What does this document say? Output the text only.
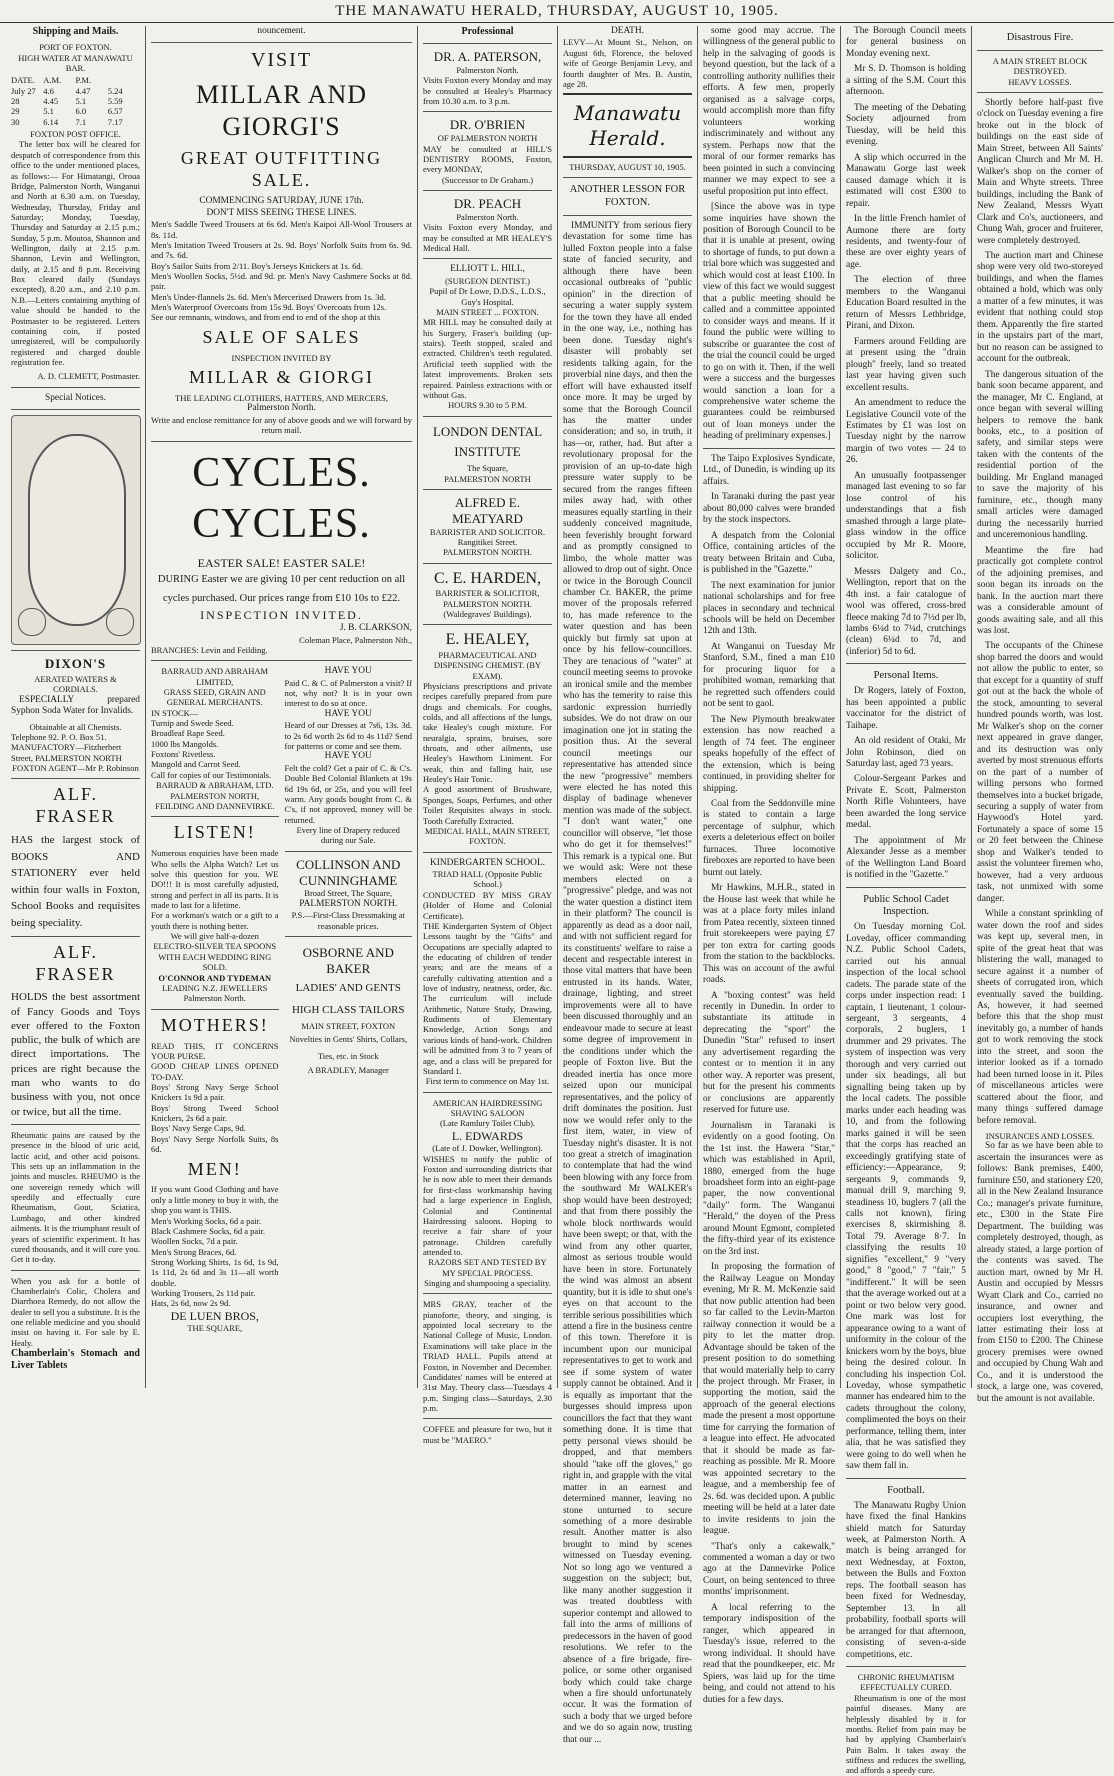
THE MANAWATU HERALD, THURSDAY, AUGUST 10, 1905.
Shipping and Mails.
PORT OF FOXTON.
HIGH WATER AT MANAWATU BAR.
DATE. A.M.	P.M.
July 27 4.6	4.47	5.24
28	4.45	5.1	5.59
29	5.1	6.0	6.57
30	6.14	7.1	7.17
FOXTON POST OFFICE.
The letter box will be cleared for despatch of correspondence from this office to the under mentioned places, as follows:— For Himatangi, Oroua Bridge, Palmerston North, Wanganui and North at 6.30 a.m. on Tuesday, Wednesday, Thursday, Friday and Saturday; Monday, Tuesday, Thursday and Saturday at 2.15 p.m.; Sunday, 5 p.m. Moutoa, Shannon and Wellington, daily at 2.15 p.m. Shannon, Levin and Wellington, daily, at 2.15 and 8 p.m. Receiving Box cleared daily (Sundays excepted), 8.20 a.m., and 2.10 p.m. N.B.—Letters containing anything of value should be handed to the Postmaster to be registered. Letters containing coin, if posted unregistered, will be compulsorily registered and charged double registration fee.
A. D. CLEMETT, Postmaster.
Special Notices.
DIXON'S
AERATED WATERS & CORDIALS.
ESPECIALLY prepared Syphon Soda Water for Invalids.
Obtainable at all Chemists.
Telephone 92. P. O. Box 51.
MANUFACTORY—Fitzherbert Street, PALMERSTON NORTH
FOXTON AGENT—Mr P. Robinson
ALF. FRASER
HAS the largest stock of BOOKS AND STATIONERY ever held within four walls in Foxton, School Books and requisites being speciality.
ALF. FRASER
HOLDS the best assortment of Fancy Goods and Toys ever offered to the Foxton public, the bulk of which are direct importations. The prices are right because the man who wants to do business with you, not once or twice, but all the time.
Rheumatic pains are caused by the presence in the blood of uric acid, lactic acid, and other acid poisons. This sets up an inflammation in the joints and muscles. RHEUMO is the one sovereign remedy which will speedily and effectually cure Rheumatism, Gout, Sciatica, Lumbago, and other kindred ailments. It is the triumphant result of years of scientific experiment. It has cured thousands, and it will cure you. Get it to-day.
When you ask for a bottle of Chamberlain's Colic, Cholera and Diarrhoea Remedy, do not allow the dealer to sell you a substitute. It is the one reliable medicine and you should insist on having it. For sale by E. Healy.
Chamberlain's Stomach and Liver Tablets
nouncement.
VISIT
MILLAR AND GIORGI'S
GREAT OUTFITTING SALE.
COMMENCING SATURDAY, JUNE 17th.
DON'T MISS SEEING THESE LINES.
Men's Saddle Tweed Trousers at 6s 6d. Men's Kaipoi All-Wool Trousers at 8s. 11d.
Men's Imitation Tweed Trousers at 2s. 9d. Boys' Norfolk Suits from 6s. 9d. and 7s. 6d.
Boy's Sailor Suits from 2/11. Boy's Jerseys Knickers at 1s. 6d.
Men's Woollen Socks, 5½d. and 9d. pr. Men's Navy Cashmere Socks at 8d. pair.
Men's Under-flannels 2s. 6d. Men's Mercerised Drawers from 1s. 3d.
Men's Waterproof Overcoats from 15s 9d. Boys' Overcoats from 12s.
See our remnants, windows, and from end to end of the shop at this
SALE OF SALES
INSPECTION INVITED BY
MILLAR & GIORGI
THE LEADING CLOTHIERS, HATTERS, AND MERCERS,
Palmerston North.
Write and enclose remittance for any of above goods and we will forward by return mail.
CYCLES. CYCLES.
EASTER SALE! EASTER SALE!
DURING Easter we are giving 10 per cent reduction on all cycles purchased. Our prices range from £10 10s to £22.
INSPECTION INVITED.
J. B. CLARKSON,
Coleman Place, Palmerston Nth.,
BRANCHES: Levin and Feilding.
BARRAUD AND ABRAHAM LIMITED,
GRASS SEED, GRAIN AND GENERAL MERCHANTS.
IN STOCK—
Turnip and Swede Seed.
Broadleaf Rape Seed.
1000 lbs Mangolds.
Foxtons' Rivetless.
Mangold and Carrot Seed.
Call for copies of our Testimonials.
BARRAUD & ABRAHAM, LTD.
PALMERSTON NORTH, FEILDING AND DANNEVIRKE.
LISTEN!
Numerous enquiries have been made Who sells the Alpha Watch? Let us solve this question for you. WE DO!!! It is most carefully adjusted, strong and perfect in all its parts. It is made to last for a lifetime.
For a workman's watch or a gift to a youth there is nothing better.
We will give half-a-dozen ELECTRO-SILVER TEA SPOONS WITH EACH WEDDING RING SOLD.
O'CONNOR AND TYDEMAN
LEADING N.Z. JEWELLERS
Palmerston North.
MOTHERS!
READ THIS, IT CONCERNS YOUR PURSE.
GOOD CHEAP LINES OPENED TO-DAY.
Boys' Strong Navy Serge School Knickers 1s 9d a pair.
Boys' Strong Tweed School Knickers, 2s 6d a pair.
Boys' Navy Serge Caps, 9d.
Boys' Navy Serge Norfolk Suits, 8s 6d.
MEN!
If you want Good Clothing and have only a little money to buy it with, the shop you want is THIS.
Men's Working Socks, 6d a pair.
Black Cashmere Socks, 6d a pair.
Woollen Socks, 7d a pair.
Men's Strong Braces, 6d.
Strong Working Shirts, 1s 6d, 1s 9d, 1s 11d, 2s 6d and 3s 11—all worth double.
Working Trousers, 2s 11d pair.
Hats, 2s 6d, now 2s 9d.
DE LUEN BROS,
THE SQUARE,
HAVE YOU
Paid C. & C. of Palmerston a visit? If not, why not? It is in your own interest to do so at once.
HAVE YOU
Heard of our Dresses at 7s6, 13s. 3d. to 2s 6d worth 2s 6d to 4s 11d? Send for patterns or come and see them.
HAVE YOU
Felt the cold? Get a pair of C. & C's. Double Bed Colonial Blankets at 19s 6d 19s 6d, or 25s, and you will feel warm. Any goods bought from C. & C's, if not approved, money will be returned.
Every line of Drapery reduced during our Sale.
COLLINSON AND CUNNINGHAME
Broad Street, The Square,
PALMERSTON NORTH.
P.S.—First-Class Dressmaking at reasonable prices.
OSBORNE AND BAKER
LADIES' AND GENTS HIGH CLASS TAILORS
MAIN STREET, FOXTON
Novelties in Gents' Shirts, Collars, Ties, etc. in Stock
A BRADLEY, Manager
Professional
DR. A. PATERSON,
Palmerston North.
Visits Foxton every Monday and may be consulted at Healey's Pharmacy from 10.30 a.m. to 3 p.m.
DR. O'BRIEN
OF PALMERSTON NORTH
MAY be consulted at HILL'S DENTISTRY ROOMS, Foxton, every MONDAY,
(Successor to Dr Graham.)
DR. PEACH
Palmerston North.
Visits Foxton every Monday, and may be consulted at MR HEALEY'S Medical Hall.
ELLIOTT L. HILL,
(SURGEON DENTIST.)
Pupil of Dr Lowe, D.D.S., L.D.S., Guy's Hospital.
MAIN STREET ... FOXTON.
MR HILL may be consulted daily at his Surgery, Fraser's building (up-stairs). Teeth stopped, scaled and extracted. Children's teeth regulated. Artificial teeth supplied with the latest improvements. Broken sets repaired. Painless extractions with or without Gas.
HOURS 9.30 to 5 P.M.
LONDON DENTAL INSTITUTE
The Square,
PALMERSTON NORTH
ALFRED E. MEATYARD
BARRISTER AND SOLICITOR.
Rangitikei Street.
PALMERSTON NORTH.
C. E. HARDEN,
BARRISTER & SOLICITOR,
PALMERSTON NORTH.
(Waldegraves' Buildings).
E. HEALEY,
PHARMACEUTICAL AND DISPENSING CHEMIST. (BY EXAM).
Physicians prescriptions and private recipes carefully prepared from pure drugs and chemicals. For coughs, colds, and all affections of the lungs, take Healey's cough mixture. For neuralgia, sprains, bruises, sore throats, and other ailments, use Healey's Hawthorn Liniment. For weak, thin and falling hair, use Healey's Hair Tonic.
A good assortment of Brushware, Sponges, Soaps, Perfumes, and other Toilet Requisites always in stock. Tooth Carefully Extracted.
MEDICAL HALL, MAIN STREET, FOXTON.
KINDERGARTEN SCHOOL.
TRIAD HALL (Opposite Public School.)
CONDUCTED BY MISS GRAY (Holder of Home and Colonial Certificate).
THE Kindergarten System of Object Lessons taught by the "Gifts" and Occupations are specially adapted to the educating of children of tender years; and are the means of a carefully cultivating attention and a love of industry, neatness, order, &c. The curriculum will include Arithmetic, Nature Study, Drawing, Rudiments of Elementary Knowledge, Action Songs and various kinds of hand-work. Children will be admitted from 3 to 7 years of age, and a class will be prepared for Standard 1.
First term to commence on May 1st.
AMERICAN HAIRDRESSING
SHAVING SALOON
(Late Ramlury Toilet Club).
L. EDWARDS
(Late of J. Dowker, Wellington).
WISHES to notify the public of Foxton and surrounding districts that he is now able to meet their demands for first-class workmanship having had a large experience in English, Colonial and Continental Hairdressing saloons. Hoping to receive a fair share of your patronage. Children carefully attended to.
RAZORS SET AND TESTED BY MY SPECIAL PROCESS.
Singing and shampooing a speciality.
MRS GRAY, teacher of the pianoforte, theory, and singing, is appointed local secretary to the National College of Music, London. Examinations will take place in the TRIAD HALL. Pupils attend at Foxton, in November and December. Candidates' names will be entered at 31st May. Theory class—Tuesdays 4 p.m. Singing class—Saturdays, 2.30 p.m.
COFFEE and pleasure for two, but it must be "MAERO."
DEATH.
LEVY—At Mount St., Nelson, on August 6th, Florence, the beloved wife of George Benjamin Levy, and fourth daughter of Mrs. B. Austin, age 28.
Manawatu Herald.
THURSDAY, AUGUST 10, 1905.
ANOTHER LESSON FOR FOXTON.
IMMUNITY from serious fiery devastation for some time has lulled Foxton people into a false state of fancied security, and although there have been occasional outbreaks of "public opinion" in the direction of securing a water supply system for the town they have all ended in the one way, i.e., nothing has been done. Tuesday night's disaster will probably set residents talking again, for the proverbial nine days, and then the effort will have exhausted itself once more. It may be urged by some that the Borough Council has the matter under consideration; and so, in truth, it has—or, rather, had. But after a revolutionary proposal for the provision of an up-to-date high pressure water supply to be secured from the ranges fifteen miles away had, with other measures equally startling in their suddenly conceived magnitude, been feverishly brought forward and as promptly consigned to limbo, the whole matter was allowed to drop out of sight. Once or twice in the Borough Council chamber Cr. BAKER, the prime mover of the proposals referred to, has made reference to the water question and has been quickly but firmly sat upon at once by his fellow-councillors. They are tenacious of "water" at council meeting seems to provoke an ironical smile and the member who has the temerity to raise this sardonic expression hurriedly subsides. We do not draw on our imagination one jot in stating the position thus. At the several council meetings our representative has attended since the new "progressive" members were elected he has noted this display of badinage whenever mention was made of the subject. "I don't want water," one councillor will observe, "let those who do get it for themselves!" This remark is a typical one. But we would ask: Were not these members elected on a "progressive" pledge, and was not the water question a distinct item in their platform? The council is apparently as dead as a door nail, and with not sufficient regard for its constituents' welfare to raise a decent and respectable interest in those vital matters that have been entrusted in its hands. Water, drainage, lighting, and street improvements were all to have been discussed thoroughly and an endeavour made to secure at least some degree of improvement in the conditions under which the people of Foxton live. But the dreaded inertia has once more seized upon our municipal representatives, and the policy of drift dominates the position. Just now we would refer only to the first item, water, in view of Tuesday night's disaster. It is not too great a stretch of imagination to contemplate that had the wind been blowing with any force from the southward Mr WALKER's shop would have been destroyed; and that from there possibly the whole block northwards would have been swept; or that, with the wind from any other quarter, almost as serious trouble would have been in store. Fortunately the wind was almost an absent quantity, but it is idle to shut one's eyes on that account to the terrible serious possibilities which attend a fire in the business centre of this town. Therefore it is incumbent upon our municipal representatives to get to work and see if some system of water supply cannot be obtained. And it is equally as important that the burgesses should impress upon councillors the fact that they want something done. It is time that petty personal views should be dropped, and that members should "take off the gloves," go right in, and grapple with the vital matter in an earnest and determined manner, leaving no stone unturned to secure something of a more desirable result. Another matter is also brought to mind by scenes witnessed on Tuesday evening. Not so long ago we ventured a suggestion on the subject; but, like many another suggestion it was treated doubtless with superior contempt and allowed to fall into the arms of millions of predecessors in the haven of good resolutions. We refer to the absence of a fire brigade, fire-police, or some other organised body which could take charge when a fire should unfortunately occur. It was the formation of such a body that we urged before and we do so again now, trusting that our ...
some good may accrue. The willingness of the general public to help in the salvaging of goods is beyond question, but the lack of a controlling authority nullifies their efforts. A few men, properly organised as a salvage corps, would accomplish more than fifty volunteers working indiscriminately and without any system. Perhaps now that the moral of our former remarks has been pointed in such a convincing manner we may expect to see a useful proposition put into effect.
[Since the above was in type some inquiries have shown the position of Borough Council to be that it is unable at present, owing to shortage of funds, to put down a trial bore which was suggested and which would cost at least £100. In view of this fact we would suggest that a public meeting should be called and a committee appointed to consider ways and means. If it found the public were willing to subscribe or guarantee the cost of the trial the council could be urged to go on with it. Then, if the well were a success and the burgesses would sanction a loan for a comprehensive water scheme the guarantees could be reimbursed out of loan moneys under the heading of preliminary expenses.]
The Taipo Explosives Syndicate, Ltd., of Dunedin, is winding up its affairs.
In Taranaki during the past year about 80,000 calves were branded by the stock inspectors.
A despatch from the Colonial Office, containing articles of the treaty between Britain and Cuba, is published in the "Gazette."
The next examination for junior national scholarships and for free places in secondary and technical schools will be held on December 12th and 13th.
At Wanganui on Tuesday Mr Stanford, S.M., fined a man £10 for procuring liquor for a prohibited woman, remarking that he regretted such offenders could not be sent to gaol.
The New Plymouth breakwater extension has now reached a length of 74 feet. The engineer speaks hopefully of the effect of the extension, which is being continued, in providing shelter for shipping.
Coal from the Seddonville mine is stated to contain a large percentage of sulphur, which exerts a deleterious effect on boiler furnaces. Three locomotive fireboxes are reported to have been burnt out lately.
Mr Hawkins, M.H.R., stated in the House last week that while he was at a place forty miles inland from Patea recently, sixteen tinned fruit storekeepers were paying £7 per ton extra for carting goods from the station to the backblocks. This was on account of the awful roads.
A "boxing contest" was held recently in Dunedin. In order to substantiate its attitude in deprecating the "sport" the Dunedin "Star" refused to insert any advertisement regarding the contest or to mention it in any other way. A reporter was present, but for the present his comments or conclusions are apparently reserved for future use.
Journalism in Taranaki is evidently on a good footing. On the 1st inst. the Hawera "Star," which was established in April, 1880, emerged from the huge broadsheet form into an eight-page paper, the now conventional "daily" form. The Wanganui "Herald," the doyen of the Press around Mount Egmont, completed the fifty-third year of its existence on the 3rd inst.
In proposing the formation of the Railway League on Monday evening, Mr R. M. McKenzie said that now public attention had been so far called to the Levin-Marton railway connection it would be a pity to let the matter drop. Advantage should be taken of the present position to do something that would materially help to carry the project through. Mr Fraser, in supporting the motion, said the approach of the general elections made the present a most opportune time for carrying the formation of a league into effect. He advocated that it should be made as far-reaching as possible. Mr R. Moore was appointed secretary to the league, and a membership fee of 2s. 6d. was decided upon. A public meeting will be held at a later date to invite residents to join the league.
"That's only a cakewalk," commented a woman a day or two ago at the Dannevirke Police Court, on being sentenced to three months' imprisonment.
A local referring to the temporary indisposition of the ranger, which appeared in Tuesday's issue, referred to the wrong individual. It should have read that the poundkeeper, etc. Mr Spiers, was laid up for the time being, and could not attend to his duties for a few days.
The Borough Council meets for general business on Monday evening next.
Mr S. D. Thomson is holding a sitting of the S.M. Court this afternoon.
The meeting of the Debating Society adjourned from Tuesday, will be held this evening.
A slip which occurred in the Manawatu Gorge last week caused damage which it is estimated will cost £300 to repair.
In the little French hamlet of Aumone there are forty residents, and twenty-four of these are over eighty years of age.
The election of three members to the Wanganui Education Board resulted in the return of Messrs Lethbridge, Pirani, and Dixon.
Farmers around Feilding are at present using the "drain plough" freely, land so treated last year having given such excellent results.
An amendment to reduce the Legislative Council vote of the Estimates by £1 was lost on Tuesday night by the narrow margin of two votes — 24 to 26.
An unusually footpassenger managed last evening to so far lose control of his understandings that a fish smashed through a large plate-glass window in the office occupied by Mr R. Moore, solicitor.
Messrs Dalgety and Co., Wellington, report that on the 4th inst. a fair catalogue of wool was offered, cross-bred fleece making 7d to 7½d per lb, lambs 6¼d to 7¼d, crutchings (clean) 6¼d to 7d, and (inferior) 5d to 6d.
Personal Items.
Dr Rogers, lately of Foxton, has been appointed a public vaccinator for the district of Taihape.
An old resident of Otaki, Mr John Robinson, died on Saturday last, aged 73 years.
Colour-Sergeant Parkes and Private E. Scott, Palmerston North Rifle Volunteers, have been awarded the long service medal.
The appointment of Mr Alexander Jesse as a member of the Wellington Land Board is notified in the "Gazette."
Public School Cadet Inspection.
On Tuesday morning Col. Loveday, officer commanding N.Z. Public School Cadets, carried out his annual inspection of the local school cadets. The parade state of the corps under inspection read: 1 captain, 1 lieutenant, 1 colour-sergeant, 3 sergeants, 4 corporals, 2 buglers, 1 drummer and 29 privates. The system of inspection was very thorough and very carried out under six headings, all but signalling being taken up by the local cadets. The possible marks under each heading was 10, and from the following marks gained it will be seen that the corps has reached an exceedingly gratifying state of efficiency:—Appearance, 9; sergeants 9, commands 9, manual drill 9, marching 9, steadiness 10, buglers 7 (all the calls not known), firing exercises 8, skirmishing 8. Total 79. Average 8·7. In classifying the results 10 signifies "excellent," 9 "very good," 8 "good," 7 "fair," 5 "indifferent." It will be seen that the average worked out at a point or two below very good. One mark was lost for appearance owing to a want of uniformity in the colour of the knickers worn by the boys, blue being the desired colour. In concluding his inspection Col. Loveday, whose sympathetic manner has endeared him to the cadets throughout the colony, complimented the boys on their performance, telling them, inter alia, that he was satisfied they were going to do well when he saw them fall in.
Football.
The Manawatu Rugby Union have fixed the final Hankins shield match for Saturday week, at Palmerston North. A match is being arranged for next Wednesday, at Foxton, between the Bulls and Foxton reps. The football season has been fixed for Wednesday, September 13. In all probability, football sports will be arranged for that afternoon, consisting of seven-a-side competitions, etc.
CHRONIC RHEUMATISM EFFECTUALLY CURED.
Rheumatism is one of the most painful diseases. Many are helplessly disabled by it for months. Relief from pain may be had by applying Chamberlain's Pain Balm. It takes away the stiffness and reduces the swelling, and affords a speedy cure.
Disastrous Fire.
A MAIN STREET BLOCK DESTROYED.
HEAVY LOSSES.
Shortly before half-past five o'clock on Tuesday evening a fire broke out in the block of buildings on the east side of Main Street, between All Saints' Anglican Church and Mr M. H. Walker's shop on the corner of Main and Whyte streets. Three buildings, including the Bank of New Zealand, Messrs Wyatt Clark and Co's, auctioneers, and Chung Wah, grocer and fruiterer, were completely destroyed.
The auction mart and Chinese shop were very old two-storeyed buildings, and when the flames obtained a hold, which was only a matter of a few minutes, it was evident that nothing could stop them. Apparently the fire started in the upstairs part of the mart, but no reason can be assigned to account for the outbreak.
The dangerous situation of the bank soon became apparent, and the manager, Mr C. England, at once began with several willing helpers to remove the bank books, etc., to a position of safety, and similar steps were taken with the contents of the residential portion of the building. Mr England managed to save the majority of his furniture, etc., though many small articles were damaged during the necessarily hurried and unceremonious handling.
Meantime the fire had practically got complete control of the adjoining premises, and soon began its inroads on the bank. In the auction mart there was a considerable amount of goods awaiting sale, and all this was lost.
The occupants of the Chinese shop barred the doors and would not allow the public to enter, so that except for a quantity of stuff got out at the back the whole of the stock, amounting to several hundred pounds worth, was lost. Mr Walker's shop on the corner next appeared in grave danger, and its destruction was only averted by most strenuous efforts on the part of a number of willing persons who formed themselves into a bucket brigade, securing a supply of water from Haywood's Hotel yard. Fortunately a space of some 15 or 20 feet between the Chinese shop and Walker's tended to assist the volunteer firemen who, however, had a very arduous task, not unmixed with some danger.
While a constant sprinkling of water down the roof and sides was kept up, several men, in spite of the great heat that was blistering the wall, managed to secure against it a number of sheets of corrugated iron, which eventually saved the building. As, however, it had seemed before this that the shop must inevitably go, a number of hands got to work removing the stock into the street, and soon the interior looked as if a tornado had been turned loose in it. Piles of miscellaneous articles were scattered about the floor, and many things suffered damage before removal.
INSURANCES AND LOSSES.
So far as we have been able to ascertain the insurances were as follows: Bank premises, £400, furniture £50, and stationery £20, all in the New Zealand Insurance Co.; manager's private furniture, etc., £300 in the State Fire Department. The building was completely destroyed, though, as already stated, a large portion of the contents was saved. The auction mart, owned by Mr H. Austin and occupied by Messrs Wyatt Clark and Co., carried no insurance, and owner and occupiers lost everything, the latter estimating their loss at from £150 to £200. The Chinese grocery premises were owned and occupied by Chung Wah and Co., and it is understood the stock, a large one, was covered, but the amount is not available.
